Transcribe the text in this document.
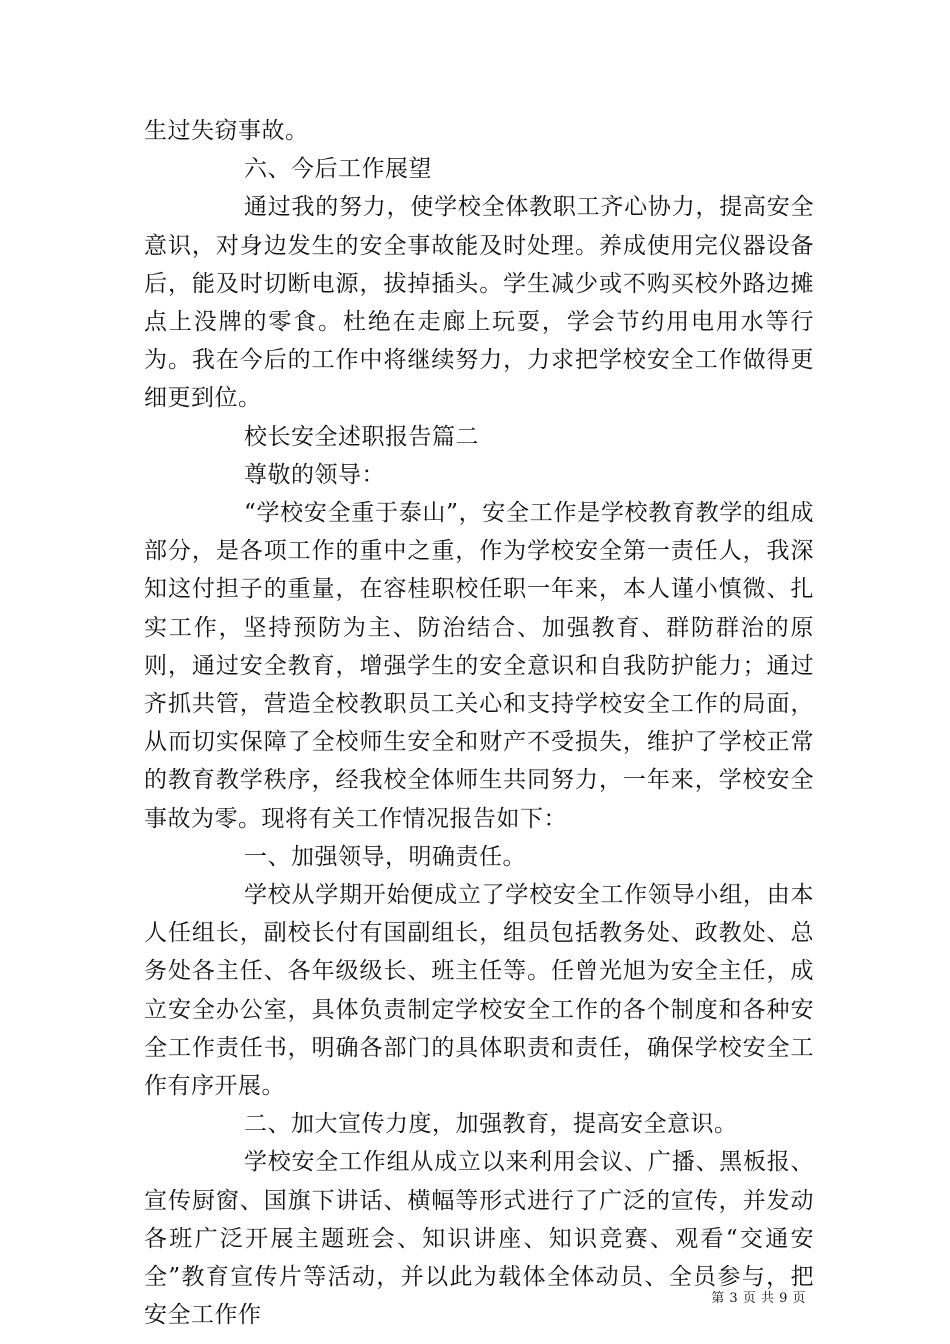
生过失窃事故。

六、今后工作展望

通过我的努力，使学校全体教职工齐心协力，提高安全意识，对身边发生的安全事故能及时处理。养成使用完仪器设备后，能及时切断电源，拔掉插头。学生减少或不购买校外路边摊点上没牌的零食。杜绝在走廊上玩耍，学会节约用电用水等行为。我在今后的工作中将继续努力，力求把学校安全工作做得更细更到位。

校长安全述职报告篇二

尊敬的领导：

“学校安全重于泰山”，安全工作是学校教育教学的组成部分，是各项工作的重中之重，作为学校安全第一责任人，我深知这付担子的重量，在容桂职校任职一年来，本人谨小慎微、扎实工作，坚持预防为主、防治结合、加强教育、群防群治的原则，通过安全教育，增强学生的安全意识和自我防护能力；通过齐抓共管，营造全校教职员工关心和支持学校安全工作的局面，从而切实保障了全校师生安全和财产不受损失，维护了学校正常的教育教学秩序，经我校全体师生共同努力，一年来，学校安全事故为零。现将有关工作情况报告如下：

一、加强领导，明确责任。

学校从学期开始便成立了学校安全工作领导小组，由本人任组长，副校长付有国副组长，组员包括教务处、政教处、总务处各主任、各年级级长、班主任等。任曾光旭为安全主任，成立安全办公室，具体负责制定学校安全工作的各个制度和各种安全工作责任书，明确各部门的具体职责和责任，确保学校安全工作有序开展。

二、加大宣传力度，加强教育，提高安全意识。

学校安全工作组从成立以来利用会议、广播、黑板报、宣传厨窗、国旗下讲话、横幅等形式进行了广泛的宣传，并发动各班广泛开展主题班会、知识讲座、知识竞赛、观看“交通安全”教育宣传片等活动，并以此为载体全体动员、全员参与，把安全工作作

第 3 页 共 9 页
